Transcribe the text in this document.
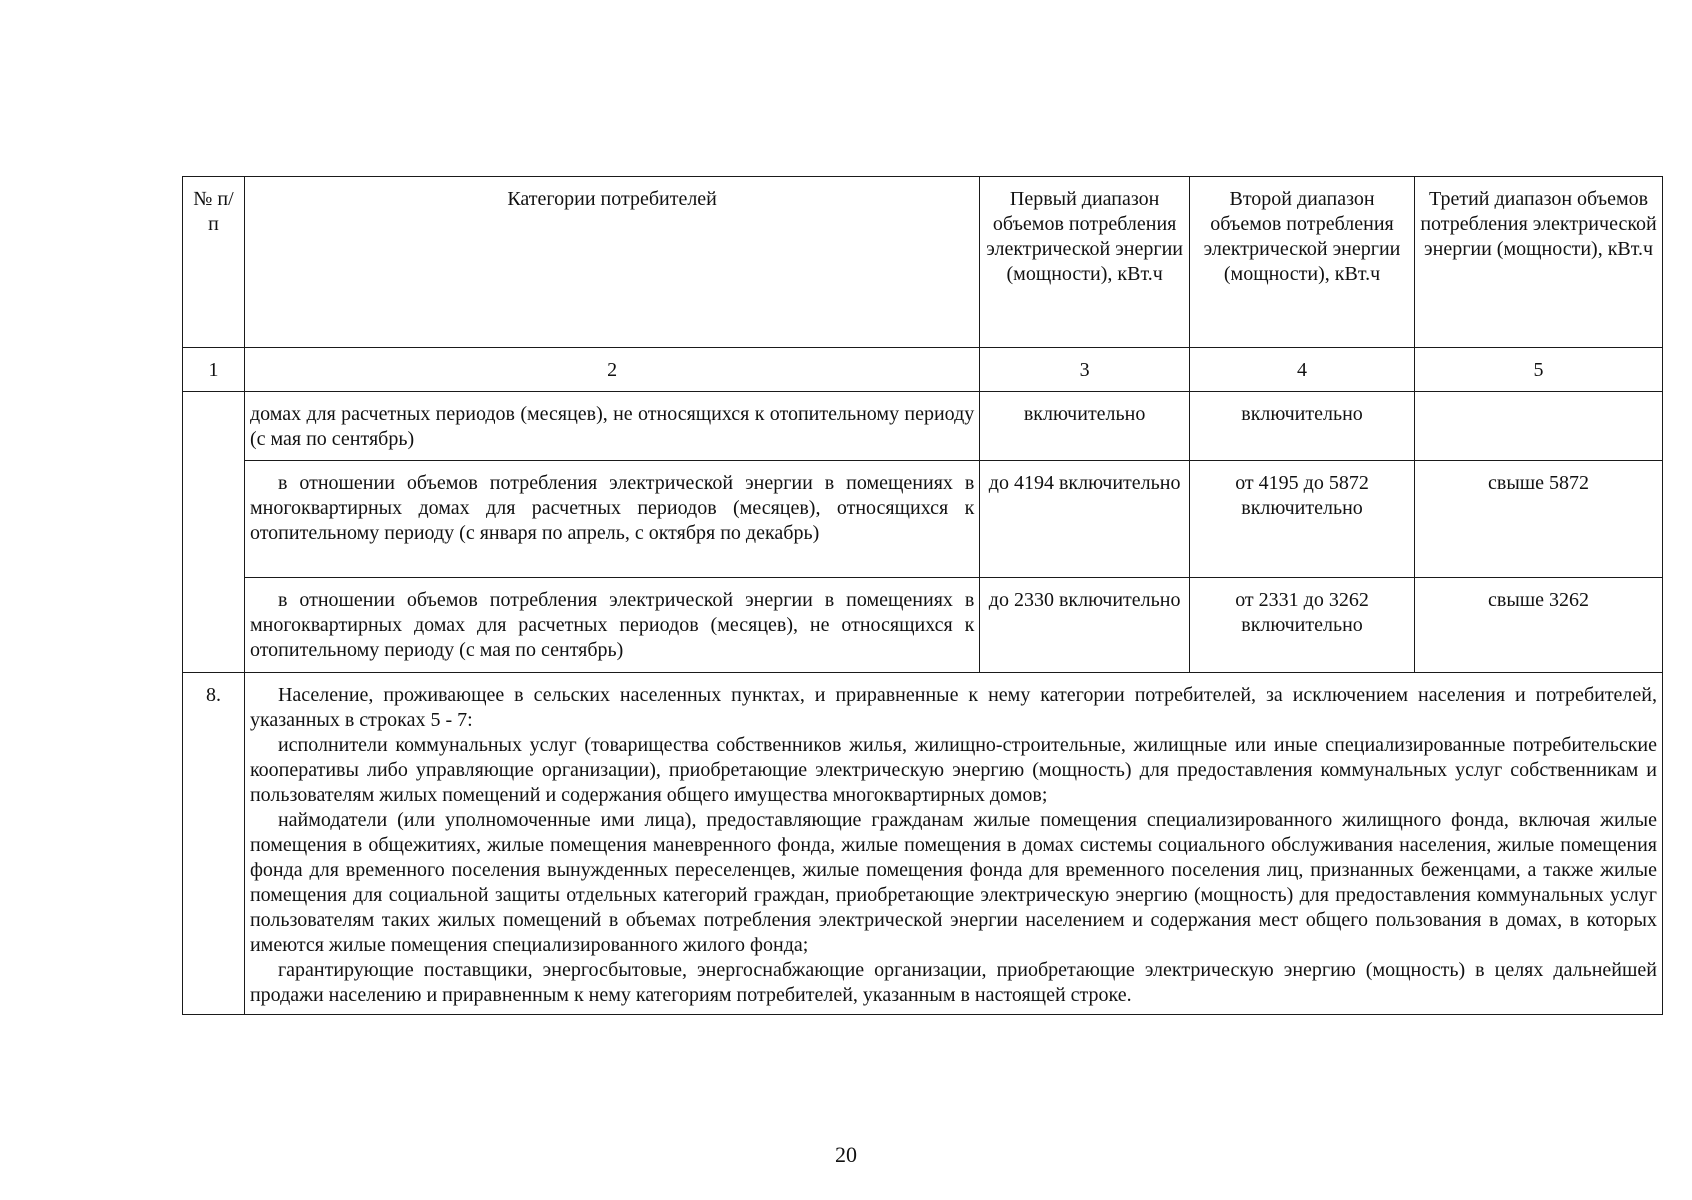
№ п/п	Категории потребителей	Первый диапазон объемов потребления электрической энергии (мощности), кВт.ч	Второй диапазон объемов потребления электрической энергии (мощности), кВт.ч	Третий диапазон объемов потребления электрической энергии (мощности), кВт.ч
1	2	3	4	5
	домах для расчетных периодов (месяцев), не относящихся к отопительному периоду (с мая по сентябрь)	включительно	включительно	
	в отношении объемов потребления электрической энергии в помещениях в многоквартирных домах для расчетных периодов (месяцев), относящихся к отопительному периоду (с января по апрель, с октября по декабрь)	до 4194 включительно	от 4195 до 5872 включительно	свыше 5872
	в отношении объемов потребления электрической энергии в помещениях в многоквартирных домах для расчетных периодов (месяцев), не относящихся к отопительному периоду (с мая по сентябрь)	до 2330 включительно	от 2331 до 3262 включительно	свыше 3262
8.	Население, проживающее в сельских населенных пунктах, и приравненные к нему категории потребителей, за исключением населения и потребителей, указанных в строках 5 - 7:

исполнители коммунальных услуг (товарищества собственников жилья, жилищно-строительные, жилищные или иные специализированные потребительские кооперативы либо управляющие организации), приобретающие электрическую энергию (мощность) для предоставления коммунальных услуг собственникам и пользователям жилых помещений и содержания общего имущества многоквартирных домов;

наймодатели (или уполномоченные ими лица), предоставляющие гражданам жилые помещения специализированного жилищного фонда, включая жилые помещения в общежитиях, жилые помещения маневренного фонда, жилые помещения в домах системы социального обслуживания населения, жилые помещения фонда для временного поселения вынужденных переселенцев, жилые помещения фонда для временного поселения лиц, признанных беженцами, а также жилые помещения для социальной защиты отдельных категорий граждан, приобретающие электрическую энергию (мощность) для предоставления коммунальных услуг пользователям таких жилых помещений в объемах потребления электрической энергии населением и содержания мест общего пользования в домах, в которых имеются жилые помещения специализированного жилого фонда;

гарантирующие поставщики, энергосбытовые, энергоснабжающие организации, приобретающие электрическую энергию (мощность) в целях дальнейшей продажи населению и приравненным к нему категориям потребителей, указанным в настоящей строке.			

20
